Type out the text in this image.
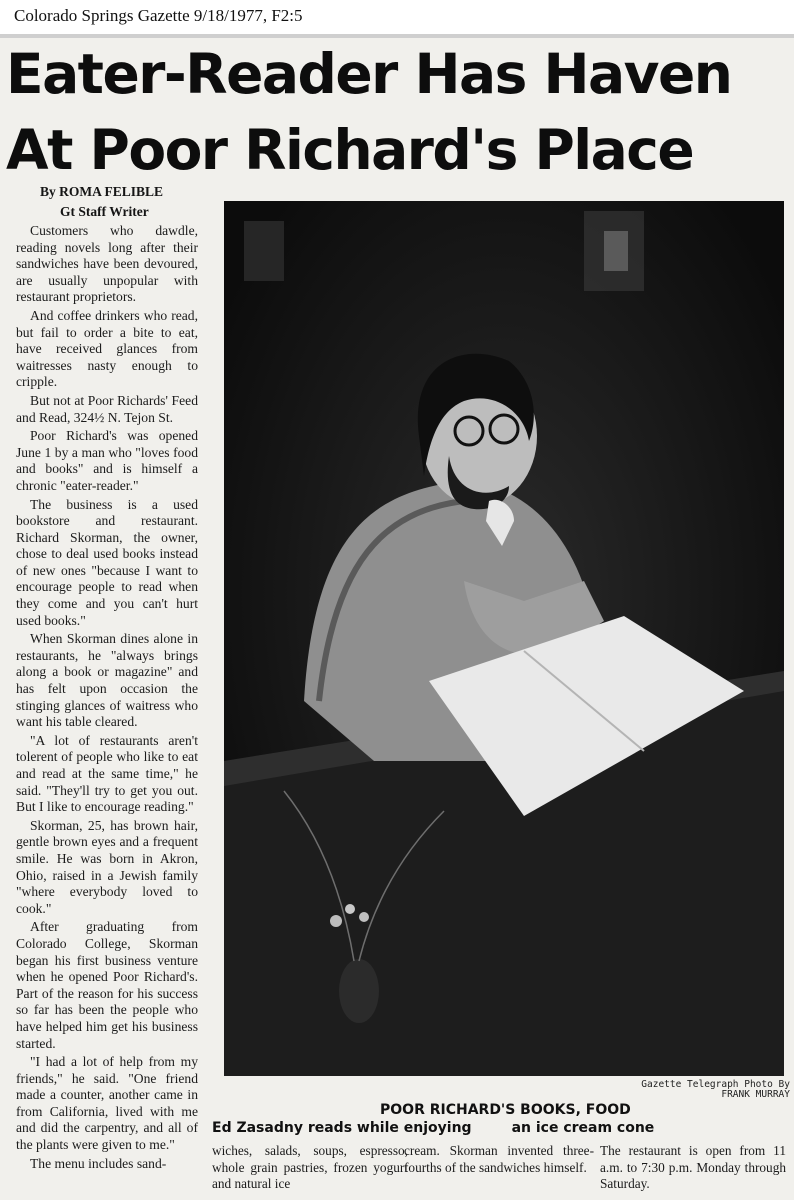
Colorado Springs Gazette 9/18/1977, F2:5
Eater-Reader Has Haven
At Poor Richard's Place
By ROMA FELIBLE
Gt Staff Writer

Customers who dawdle, reading novels long after their sandwiches have been devoured, are usually unpopular with restaurant proprietors.

And coffee drinkers who read, but fail to order a bite to eat, have received glances from waitresses nasty enough to cripple.

But not at Poor Richards' Feed and Read, 324½ N. Tejon St.

Poor Richard's was opened June 1 by a man who "loves food and books" and is himself a chronic "eater-reader."

The business is a used bookstore and restaurant. Richard Skorman, the owner, chose to deal used books instead of new ones "because I want to encourage people to read when they come and you can't hurt used books."

When Skorman dines alone in restaurants, he "always brings along a book or magazine" and has felt upon occasion the stinging glances of waitress who want his table cleared.

"A lot of restaurants aren't tolerent of people who like to eat and read at the same time," he said. "They'll try to get you out. But I like to encourage reading."

Skorman, 25, has brown hair, gentle brown eyes and a frequent smile. He was born in Akron, Ohio, raised in a Jewish family "where everybody loved to cook."

After graduating from Colorado College, Skorman began his first business venture when he opened Poor Richard's. Part of the reason for his success so far has been the people who have helped him get his business started.

"I had a lot of help from my friends," he said. "One friend made a counter, another came in from California, lived with me and did the carpentry, and all of the plants were given to me."

The menu includes sand-

Gazette Telegraph Photo By
FRANK MURRAY
POOR RICHARD'S BOOKS, FOOD
Ed Zasadny reads while enjoying	an ice cream cone

wiches, salads, soups, espresso, whole grain pastries, frozen yogurt and natural ice

cream. Skorman invented three-fourths of the sandwiches himself.

The restaurant is open from 11 a.m. to 7:30 p.m. Monday through Saturday.
